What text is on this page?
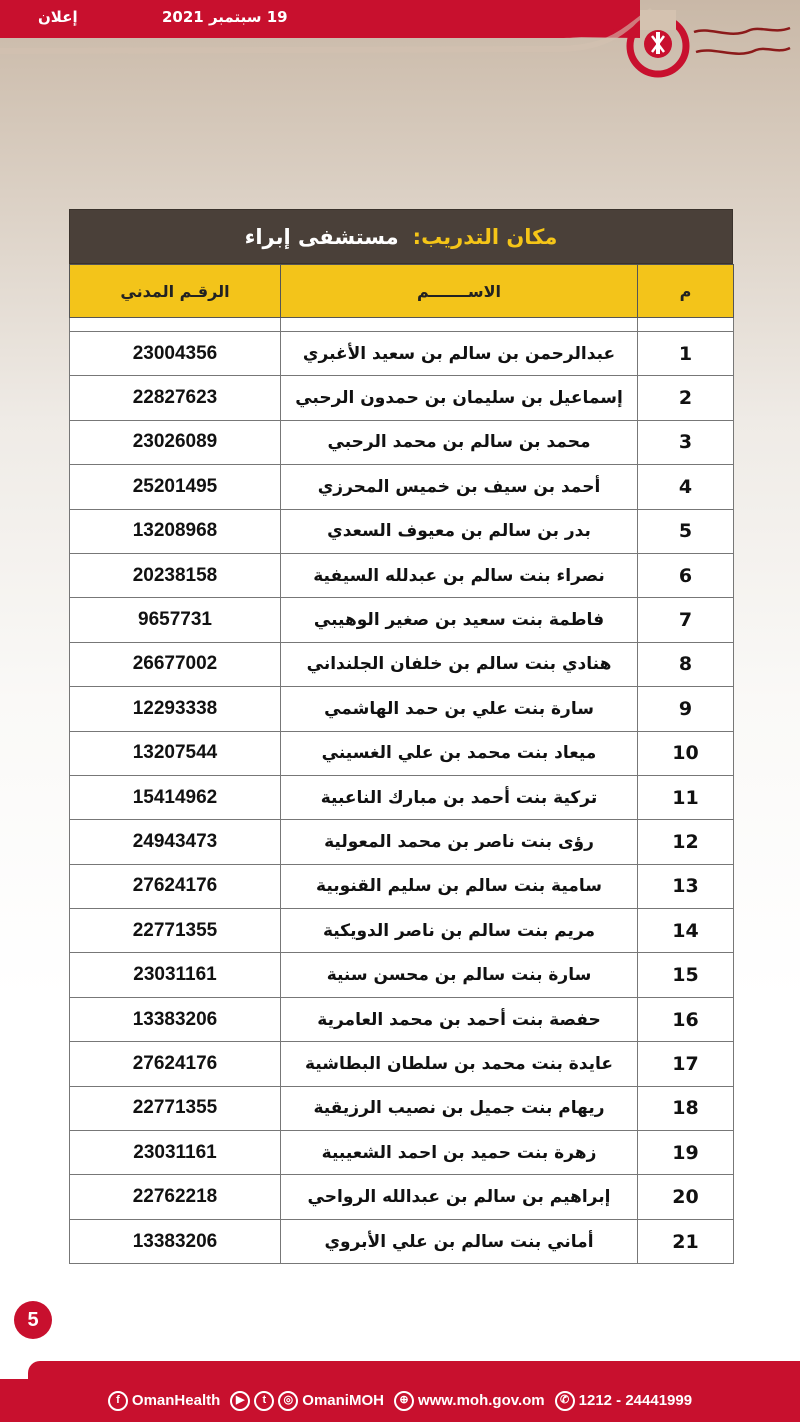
19 سبتمبر 2021
إعلان
مكان التدريب:
مستشفى إبراء
م	الاســـــــم	الرقـم المدني

1	عبدالرحمن بن سالم بن سعيد الأغبري	23004356
2	إسماعيل بن سليمان بن حمدون الرحبي	22827623
3	محمد بن سالم بن محمد الرحبي	23026089
4	أحمد بن سيف بن خميس المحرزي	25201495
5	بدر بن سالم بن معيوف السعدي	13208968
6	نصراء بنت سالم بن عبدلله السيفية	20238158
7	فاطمة بنت سعيد بن صغير الوهيبي	9657731
8	هنادي بنت سالم بن خلفان الجلنداني	26677002
9	سارة بنت علي بن حمد الهاشمي	12293338
10	ميعاد بنت محمد بن علي الغسيني	13207544
11	تركية بنت أحمد بن مبارك الناعبية	15414962
12	رؤى بنت ناصر بن محمد المعولية	24943473
13	سامية بنت سالم بن سليم القنوبية	27624176
14	مريم بنت سالم بن ناصر الدويكية	22771355
15	سارة بنت سالم بن محسن سنية	23031161
16	حفصة بنت أحمد بن محمد العامرية	13383206
17	عايدة بنت محمد بن سلطان البطاشية	27624176
18	ريهام بنت جميل بن نصيب الرزيقية	22771355
19	زهرة بنت حميد بن احمد الشعيبية	23031161
20	إبراهيم بن سالم بن عبدالله الرواحي	22762218
21	أماني بنت سالم بن علي الأبروي	13383206
5
f OmanHealth	▶	t	◎ OmaniMOH	⊕ www.moh.gov.om	✆ 1212 - 24441999
